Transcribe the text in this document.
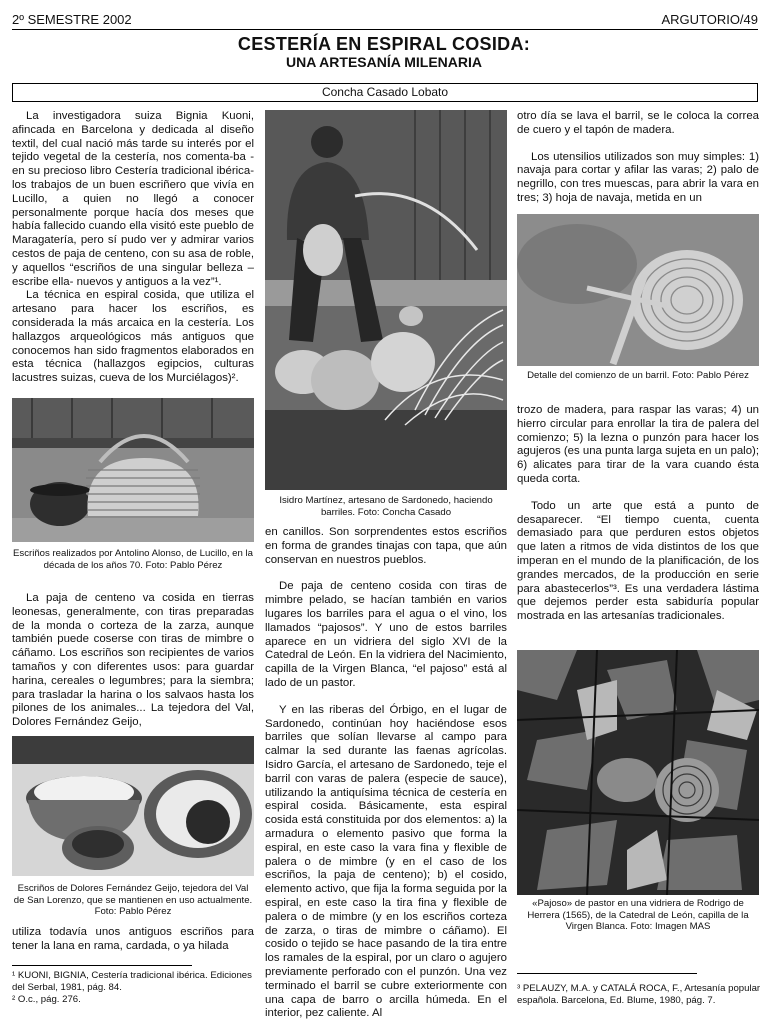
2º SEMESTRE 2002	ARGUTORIO/49
CESTERÍA EN ESPIRAL COSIDA:
UNA ARTESANÍA MILENARIA
Concha Casado Lobato

La investigadora suiza Bignia Kuoni, afincada en Barcelona y dedicada al diseño textil, del cual nació más tarde su interés por el tejido vegetal de la cestería, nos comenta-ba -en su precioso libro Cestería tradicional ibérica- los trabajos de un buen escriñero que vivía en Lucillo, a quien no llegó a conocer personalmente porque hacía dos meses que había fallecido cuando ella visitó este pueblo de Maragatería, pero sí pudo ver y admirar varios cestos de paja de centeno, con su asa de roble, y aquellos “escriños de una singular belleza –escribe ella- nuevos y antiguos a la vez”¹.

La técnica en espiral cosida, que utiliza el artesano para hacer los escriños, es considerada la más arcaica en la cestería. Los hallazgos arqueológicos más antiguos que conocemos han sido fragmentos elaborados en esta técnica (hallazgos egipcios, culturas lacustres suizas, cueva de los Murciélagos)².

Escriños realizados por Antolino Alonso, de Lucillo, en la década de los años 70. Foto: Pablo Pérez

La paja de centeno va cosida en tierras leonesas, generalmente, con tiras preparadas de la monda o corteza de la zarza, aunque también puede coserse con tiras de mimbre o cáñamo. Los escriños son recipientes de varios tamaños y con diferentes usos: para guardar harina, cereales o legumbres; para la siembra; para trasladar la harina o los salvaos hasta los pilones de los animales... La tejedora del Val, Dolores Fernández Geijo,

Escriños de Dolores Fernández Geijo, tejedora del Val de San Lorenzo, que se mantienen en uso actualmente. Foto: Pablo Pérez

utiliza todavía unos antiguos escriños para tener la lana en rama, cardada, o ya hilada

¹ KUONI, BIGNIA, Cestería tradicional ibérica. Ediciones del Serbal, 1981, pág. 84.
² O.c., pág. 276.
Isidro Martínez, artesano de Sardonedo, haciendo barriles. Foto: Concha Casado

en canillos. Son sorprendentes estos escriños en forma de grandes tinajas con tapa, que aún conservan en nuestros pueblos.

De paja de centeno cosida con tiras de mimbre pelado, se hacían también en varios lugares los barriles para el agua o el vino, los llamados “pajosos”. Y uno de estos barriles aparece en un vidriera del siglo XVI de la Catedral de León. En la vidriera del Nacimiento, capilla de la Virgen Blanca, “el pajoso” está al lado de un pastor.

Y en las riberas del Órbigo, en el lugar de Sardonedo, continúan hoy haciéndose esos barriles que solían llevarse al campo para calmar la sed durante las faenas agrícolas. Isidro García, el artesano de Sardonedo, teje el barril con varas de palera (especie de sauce), utilizando la antiquísima técnica de cestería en espiral cosida. Básicamente, esta espiral cosida está constituida por dos elementos: a) la armadura o elemento pasivo que forma la espiral, en este caso la vara fina y flexible de palera o de mimbre (y en el caso de los escriños, la paja de centeno); b) el cosido, elemento activo, que fija la forma seguida por la espiral, en este caso la tira fina y flexible de palera o de mimbre (y en los escriños corteza de zarza, o tiras de mimbre o cáñamo). El cosido o tejido se hace pasando de la tira entre los ramales de la espiral, por un claro o agujero previamente perforado con el punzón. Una vez terminado el barril se cubre exteriormente con una capa de barro o arcilla húmeda. En el interior, pez caliente. Al

otro día se lava el barril, se le coloca la correa de cuero y el tapón de madera.

Los utensilios utilizados son muy simples: 1) navaja para cortar y afilar las varas; 2) palo de negrillo, con tres muescas, para abrir la vara en tres; 3) hoja de navaja, metida en un

Detalle del comienzo de un barril. Foto: Pablo Pérez

trozo de madera, para raspar las varas; 4) un hierro circular para enrollar la tira de palera del comienzo; 5) la lezna o punzón para hacer los agujeros (es una punta larga sujeta en un palo); 6) alicates para tirar de la vara cuando ésta queda corta.

Todo un arte que está a punto de desaparecer. “El tiempo cuenta, cuenta demasiado para que perduren estos objetos que laten a ritmos de vida distintos de los que imperan en el mundo de la planificación, de los grandes mercados, de la producción en serie para abastecerlos”³. Es una verdadera lástima que dejemos perder esta sabiduría popular mostrada en las artesanías tradicionales.

«Pajoso» de pastor en una vidriera de Rodrigo de Herrera (1565), de la Catedral de León, capilla de la Virgen Blanca. Foto: Imagen MAS
³ PELAUZY, M.A. y CATALÁ ROCA, F., Artesanía popular española. Barcelona, Ed. Blume, 1980, pág. 7.
